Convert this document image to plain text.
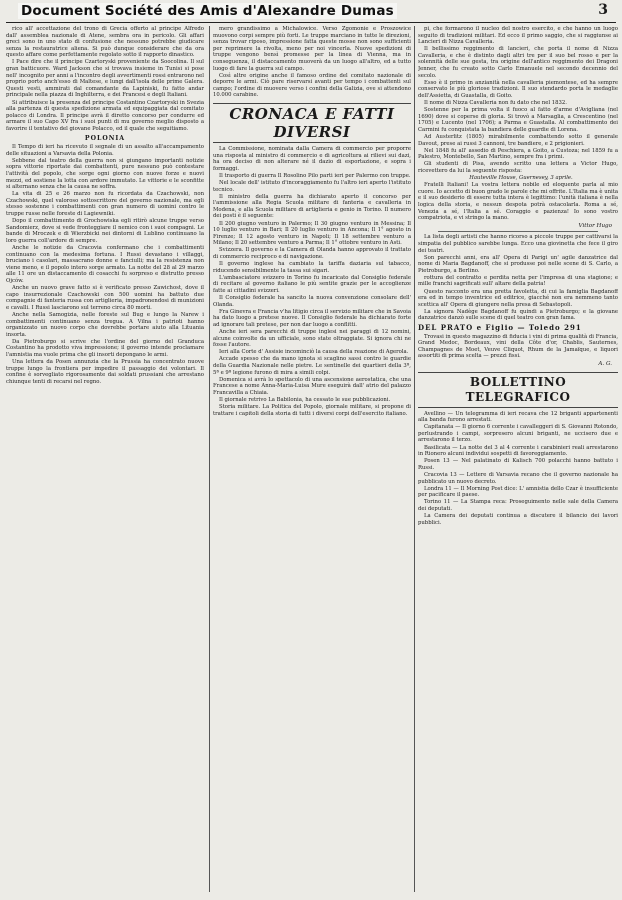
Document Société des Amis d'Alexandre Dumas	3

rico all' accettazione del trono di Grecia offerto al principe Alfredo dall' assemblea nazionale di Atene, sembra ora in pericolo. Gli affari greci sono in uno stato di confusione che nessuno potrebbe giudicare senza la restauratrice aliena. Si può dunque considerare che da ora questo affare come perfettamente regolato sotto il rapporto dinastico.

I Pace dire che il principe Czartoryski proveniente da Soocolina. Il sul gran batticuore. Ward Jackson che si trovava insieme in Tunisi si pose nell' incognito per anni a l'incontro degli avvertimenti rossi entrarono nel proprio porto anch'esso di Maltese, e lungi dall'isola delle prime Galera. Questi vesti, ammirati dal comandante da Lapiniski, fu fatto andar principale nella piazza di Inghilterra, e dei Francesi e degli Italiani.

Si attribuisce la presenza del principe Costantino Czartoryski in Svezia alla partenza di questa spedizione armata ed equipaggiata dal comitato polacco di Londra. Il principe avrà il diretto concorso per condurre ed armare il suo Capo XV fra i suoi punti di mu governo meglio disposto a favorire il tentativo del giovane Polacco, ed il quale che seguitiamo.

POLONIA

Il Tempo di ieri ha ricevuto il segnale di un assalto all'accampamento delle situazioni a Varsavia della Polonia.

Sebbene dal teatro della guerra non si giungano importanti notizie sopra vittorie riportate dai combattenti, pure nessuno può contestare l'attività del popolo, che sorge ogni giorno con nuove forze e nuovi mezzi, ed sostiene la lotta con ardore immutato. Le vittorie e le sconfitte si alternano senza che la causa ne soffra.

La vita di 25 e 26 marzo non fu ricordata da Czachowski, non Czachowski, quel valoroso sottoscrittore del governo nazionale, ma egli stesso sostenne i combattimenti con gran numero di uomini contro le truppe russe nelle foreste di Lagiewniki.

Dopo il combattimento di Grochowiska egli ritirò alcune truppe verso Sandomierz, dove si vede fronteggiare il nemico con i suoi compagni. Le bande di Mroczek e di Wierzbicki nei dintorni di Lublino continuano la loro guerra coll'ardore di sempre.

Anche le notizie da Cracovia confermano che i combattimenti continuano con la medesima fortuna. I Russi devastano i villaggi, bruciano i casolari, massacrano donne e fanciulli; ma la resistenza non viene meno, e il popolo intero sorge armato. La notte del 28 al 29 marzo alle 11 ore un distaccamento di cosacchi fu sorpreso e distrutto presso Ojców.

Anche un nuovo grave fatto si è verificato presso Zawichost, dove il capo insurrezionale Czachowski con 500 uomini ha battuto due compagnie di fanteria russa con artiglieria, impadronendosi di munizioni e cavalli. I Russi lasciarono sul terreno circa 80 morti.

Anche nella Samogizia, nelle foreste sul Bug e lungo la Narew i combattimenti continuano senza tregua. A Vilna i patrioti hanno organizzato un nuovo corpo che dovrebbe portare aiuto alla Lituania insorta.

Da Pietroburgo si scrive che l'ordine del giorno del Granduca Costantino ha prodotto viva impressione; il governo intende proclamare l'amnistia ma vuole prima che gli insorti depongano le armi.

Una lettera da Posen annunzia che la Prussia ha concentrato nuove truppe lungo la frontiera per impedire il passaggio dei volontari. Il confine è sorvegliato rigorosamente dai soldati prussiani che arrestano chiunque tenti di recarsi nel regno.

mero grandissimo a Michalowice. Verso Zgomonie e Proszowice muovono corpi sempre più forti. Le truppe marciano in tutte le direzioni, senza trovar riposo, impressione fatta queste mosse non sono sufficienti per reprimere la rivolta, meno per noi vincerla. Nuove spedizioni di truppe vengono bensì promesse per la linea di Vienna, ma in conseguenza, il distaccamento muoverà da un luogo all'altro, ed a tutto luogo di fare la guerra sul campo.

Così altre origine anche il famoso ordine del comitato nazionale di deporre le armi. Ciò pare riservarsi avanti per tempo i combattenti sul campo; l'ordine di muovere verso i confini della Galizia, ove si attendono 10.000 carabine.

CRONACA E FATTI DIVERSI

La Commissione, nominata dalla Camera di commercio per proporre una risposta al ministro di commercio e di agricoltura ai rilievi sui dazi, ha ora deciso di non alterare né il dazio di esportazione, e sopra i formaggi.

Il trasporto di guerra Il Rosolino Pilo parti ieri per Palermo con truppe.

Nel locale dell' istituto d'incoraggiamento fu l'altro ieri aperto l'istituto tecnico.

Il ministro della guerra ha dichiarato aperto il concorso per l'ammissione alla Regia Scuola militare di fanteria e cavalleria in Modena, e alla Scuola militare di artiglieria e genio in Torino. Il numero dei posti è il seguente:

Il 200 giugno venturo in Palermo; Il 30 giugno venturo in Messina; Il 10 luglio venturo in Bari; Il 20 luglio venturo in Ancona; Il 1° agosto in Firenze; Il 12 agosto venturo in Napoli; Il 18 settembre venturo a Milano; Il 20 settembre venturo a Parma; Il 1° ottobre venturo in Asti.

Svizzera. Il governo e la Camera di Olanda hanno approvato il trattato di commercio reciproco e di navigazione.

Il governo inglese ha cambiato la tariffa daziaria sul tabacco, riducendo sensibilmente la tassa sui sigari.

L'ambasciatore svizzero in Torino fu incaricato dal Consiglio federale di recitare al governo italiano le più sentite grazie per le accoglienze fatte ai cittadini svizzeri.

Il Consiglio federale ha sancito la nuova convenzione consolare dell' Olanda.

Fra Ginevra e Francia v'ha litigio circa il servizio militare che in Savoia ha dato luogo a pretese nuove. Il Consiglio federale ha dichiarato forte ad ignorare tali pretese, per non dar luogo a conflitti.

Anche ieri sera parecchi di truppe inglesi nei paraggi di 12 nomini, alcune coinvolte da un ufficiale, sono state oltraggiate. Si ignora chi ne fosse l'autore.

Ieri alla Corte d' Assisie incominciò la causa della reazione di Agerola.

Accade spesso che da mano ignota si scaglino sassi contro le guardie della Guardia Nazionale nelle pietre. Le sentinelle dei quartieri della 3ª, 5ª e 9ª legione furono di mira a simili colpi.

Domenica si avrà lo spettacolo di una ascensione aerostatica, che una Francese a nome Anna-Maria-Luisa Mure eseguirà dall' atrio del palazzo Francavilla a Chiaia.

Il giornale retrivo La Babilonia, ha cessato le sue pubblicazioni.

Storia militare. La Politica del Popolo, giornale militare, si propone di trattare i capitoli della storia di tutti i diversi corpi dell'esercito italiano.

pi, che formarono il nucleo del nostro esercito, e che hanno un luogo seguito di tradizioni militari. Ed ecco il primo saggio, che si raggiunse ai Lancieri di Nizza Cavalleria.

Il bellissimo reggimento di lancieri, che porta il nome di Nizza Cavalleria, e che è distinto dagli altri tre per il suo bel rosso e per la solennità delle sue gesta, tra origine dell'antico reggimento dei Dragoni Jenner, che fu creato sotto Carlo Emanuele nel secondo decennio del secolo.

Esso è il primo in anzianità nella cavalleria piemontese, ed ha sempre conservato le più gloriose tradizioni. Il suo stendardo porta le medaglie dell'Assietta, di Guastalla, di Goito.

Il nome di Nizza Cavalleria non fu dato che nel 1832.

Sostenne per la prima volta il fuoco al fatto d'arme d'Avigliana (nel 1690) dove si coperse di gloria. Si trovò a Marsaglia, a Crescentino (nel 1705) e Lucento (nel 1706); a Parma e Guastalla. Al combattimento dei Carmini fu conquistata la bandiera delle guardie di Lorena.

Ad Austerlitz (1805) mirabilmente combattendo sotto il generale Davout, prese ai russi 3 cannoni, tre bandiere, e 2 prigionieri.

Nel 1848 fu all' assedio di Peschiera, a Goito, a Custoza; nel 1859 fu a Palestro, Montebello, San Martino, sempre fra i primi.

Gli studenti di Pisa, avendo scritto una lettera a Victor Hugo, ricevettero da lui la seguente risposta:

Hauteville House, Guernesey, 3 aprile.

Fratelli Italiani! La vostra lettera nobile ed eloquente parla al mio cuore. Io accetto di buon grado le parole che mi offrite. L'Italia ma è unita e il suo desiderio di essere tutta intera è legittimo: l'unità italiana è nella logica della storia, e nessun despota potrà ostacolarla. Roma a sé, Venezia a sé, l'Italia a sé. Coraggio e pazienza! Io sono vostro compatriota, e vi stringo la mano.

Vittor Hugo

La lista degli artisti che hanno ricorso a piccole truppe per cattivarsi la simpatia del pubblico sarebbe lunga. Ecco una giovinetta che fece il giro dei teatri.

Son parecchi anni, era all' Opera di Parigi un' agile danzatrice dal nome di Maria Bagdanoff, che si produsse poi nelle scene di S. Carlo, a Pietroburgo, a Berlino.

rottura del contratto e perdita netta per l'impresa di una stagione; e mille franchi sagrificati sull' altare della patria!

Questo racconto era una pretta favoletta, di cui la famiglia Bagdanoff era ed in tempo inventrice ed editrice, giacché non era nemmeno tanto scettica all' Opera di giungere nella presa di Sebastopoli.

La signora Nadège Bagdanoff fu quindi a Pietroburgo; e la giovane danzatrice danzò sulle scene di quel teatro con gran fama.

DEL PRATO e Figlio — Toledo 291

Trovasi in questo magazzino di fiducia i vini di prima qualità di Francia, Grand Medoc, Bordeaux, vini della Côte d'or, Chablis, Sauternes, Champagnes de Moet, Veuve Cliquot, Rhum de la Jamaïque, e liquori assortiti di prima scelta — prezzi fissi.

A. G.
BOLLETTINO TELEGRAFICO

Avellino — Un telegramma di ieri recava che 12 briganti appartenenti alla banda furono arrestati.

Capitanata — Il giorno 6 corrente i cavalleggeri di S. Giovanni Rotondo, perlustrando i campi, sorpresero alcuni briganti, ne uccisero due e arrestarono il terzo.

Basilicata — La notte del 3 al 4 corrente i carabinieri reali arrestarono in Rionero alcuni individui sospetti di favoreggiamento.

Posen 13 — Nel palatinato di Kalisch 700 polacchi hanno battuto i Russi.

Cracovia 13 — Lettere di Varsavia recano che il governo nazionale ha pubblicato un nuovo decreto.

Londra 11 — Il Morning Post dice: L' amnistia dello Czar è insufficiente per pacificare il paese.

Torino 11 — La Stampa reca: Proseguimento nelle sale della Camera dei deputati.

La Camera dei deputati continua a discutere il bilancio dei lavori pubblici.
